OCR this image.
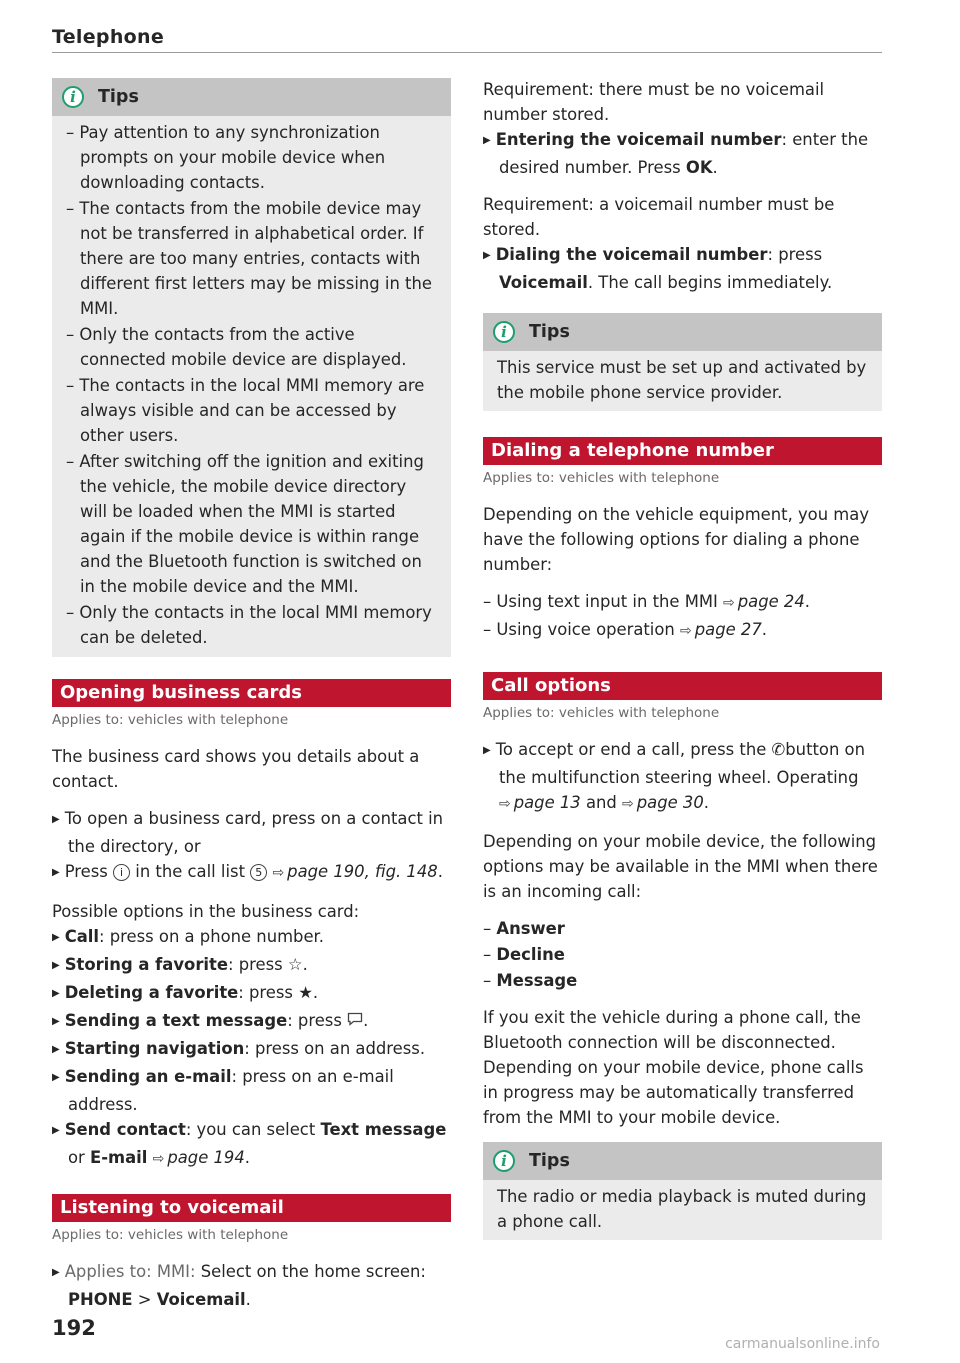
Telephone
i	Tips
– Pay attention to any synchronization prompts on your mobile device when downloading contacts.
– The contacts from the mobile device may not be transferred in alphabetical order. If there are too many entries, contacts with different first letters may be missing in the MMI.
– Only the contacts from the active connected mobile device are displayed.
– The contacts in the local MMI memory are always visible and can be accessed by other users.
– After switching off the ignition and exiting the vehicle, the mobile device directory will be loaded when the MMI is started again if the mobile device is within range and the Bluetooth function is switched on in the mobile device and the MMI.
– Only the contacts in the local MMI memory can be deleted.
Opening business cards
Applies to: vehicles with telephone

The business card shows you details about a contact.

▶ To open a business card, press on a contact in the directory, or
▶ Press i in the call list 5 ⇨ page 190, fig. 148.

Possible options in the business card:

▶ Call: press on a phone number.
▶ Storing a favorite: press ☆.
▶ Deleting a favorite: press ★.
▶ Sending a text message: press .
▶ Starting navigation: press on an address.
▶ Sending an e-mail: press on an e-mail address.
▶ Send contact: you can select Text message or E-mail ⇨ page 194.
Listening to voicemail
Applies to: vehicles with telephone
▶ Applies to: MMI: Select on the home screen: PHONE > Voicemail.

Requirement: there must be no voicemail number stored.

▶ Entering the voicemail number: enter the desired number. Press OK.

Requirement: a voicemail number must be stored.

▶ Dialing the voicemail number: press Voicemail. The call begins immediately.
i	Tips
This service must be set up and activated by the mobile phone service provider.
Dialing a telephone number
Applies to: vehicles with telephone

Depending on the vehicle equipment, you may have the following options for dialing a phone number:

– Using text input in the MMI ⇨ page 24.
– Using voice operation ⇨ page 27.
Call options
Applies to: vehicles with telephone
▶ To accept or end a call, press the ✆button on the multifunction steering wheel. Operating ⇨ page 13 and ⇨ page 30.

Depending on your mobile device, the following options may be available in the MMI when there is an incoming call:

– Answer
– Decline
– Message

If you exit the vehicle during a phone call, the Bluetooth connection will be disconnected. Depending on your mobile device, phone calls in progress may be automatically transferred from the MMI to your mobile device.

i	Tips
The radio or media playback is muted during a phone call.
192
carmanualsonline.info
